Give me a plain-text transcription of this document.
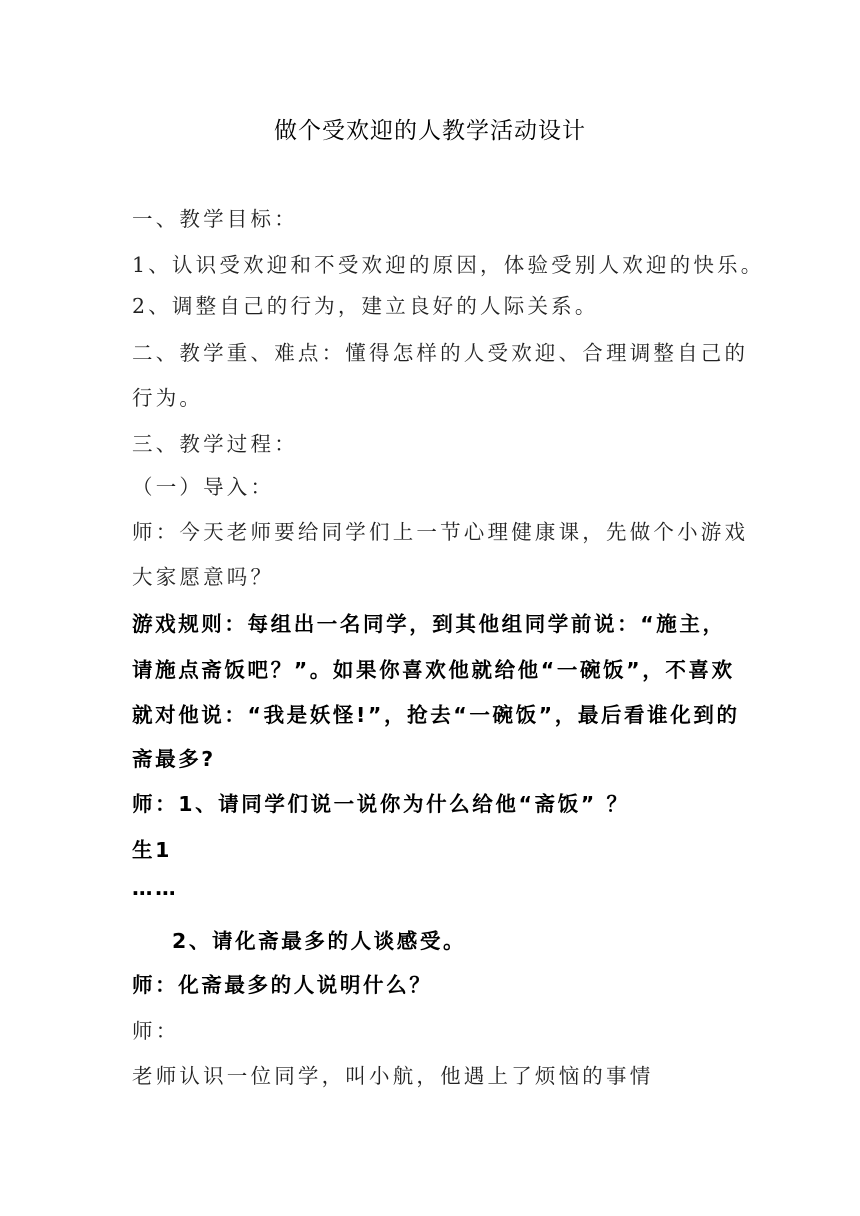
做个受欢迎的人教学活动设计
一、教学目标：
1、认识受欢迎和不受欢迎的原因，体验受别人欢迎的快乐。
2、调整自己的行为，建立良好的人际关系。
二、教学重、难点：懂得怎样的人受欢迎、合理调整自己的
行为。
三、教学过程：
（一）导入：
师：今天老师要给同学们上一节心理健康课，先做个小游戏
大家愿意吗？
游戏规则：每组出一名同学，到其他组同学前说：“施主，
请施点斋饭吧？”。如果你喜欢他就给他“一碗饭”，不喜欢
就对他说：“我是妖怪!”，抢去“一碗饭”，最后看谁化到的
斋最多?
师：1、请同学们说一说你为什么给他“斋饭” ？
生1
……
2、请化斋最多的人谈感受。
师：化斋最多的人说明什么？
师：
老师认识一位同学，叫小航，他遇上了烦恼的事情
